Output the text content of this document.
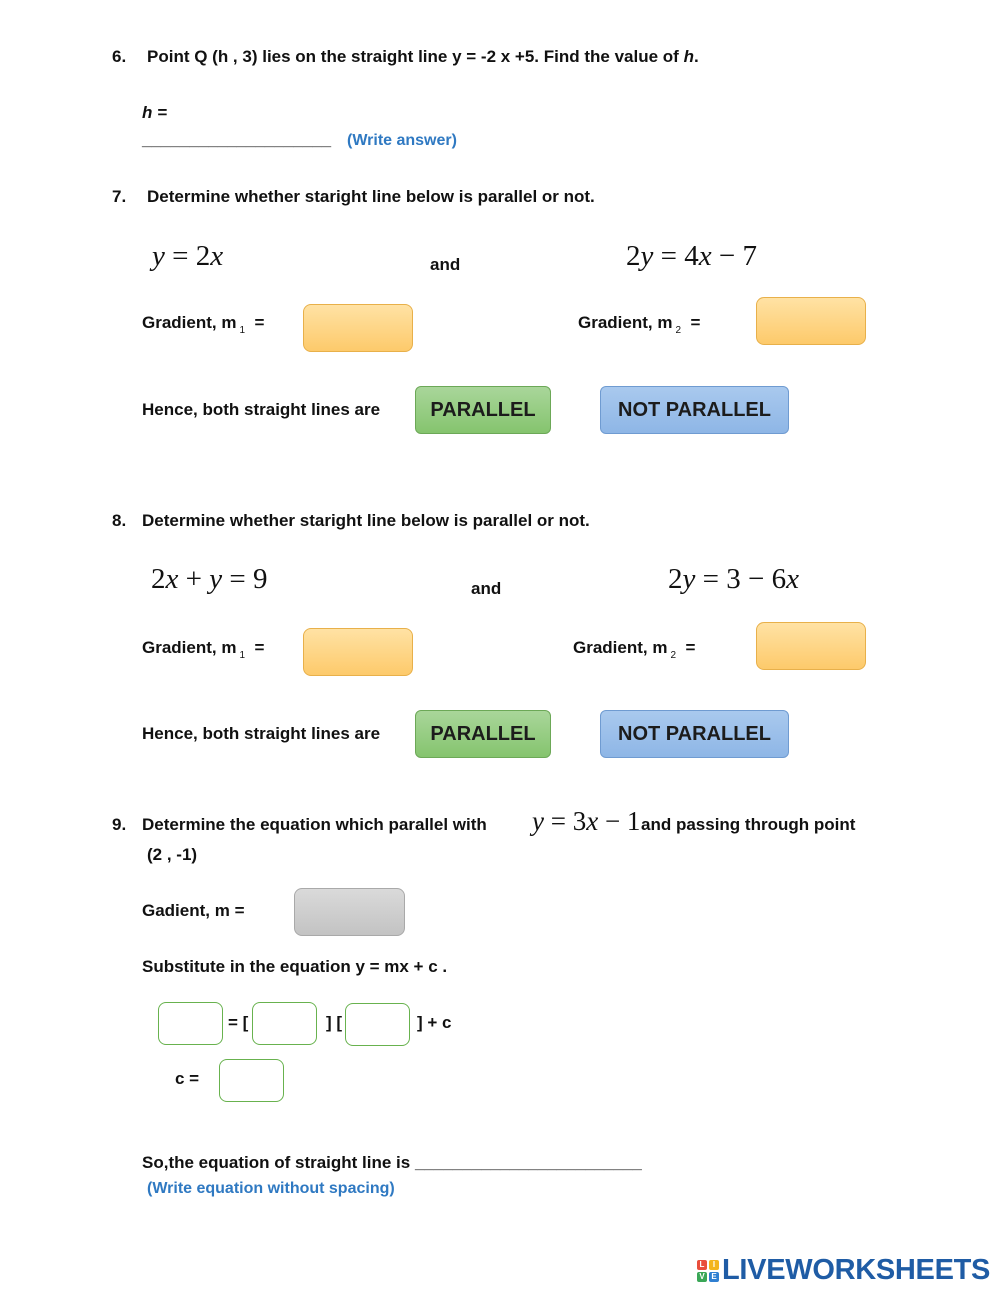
6. Point Q (h , 3) lies on the straight line y = -2 x +5. Find the value of h.
h =
____________________ (Write answer)
7. Determine whether staright line below is parallel or not.
y = 2x	and	2y = 4x − 7
Gradient, m $_1$ =	Gradient, m $_2$ =
Hence, both straight lines are	PARALLEL	NOT PARALLEL
8. Determine whether staright line below is parallel or not.
2x + y = 9	and	2y = 3 − 6x
Gradient, m $_1$ =	Gradient, m $_2$ =
Hence, both straight lines are	PARALLEL	NOT PARALLEL
9. Determine the equation which parallel with y = 3x − 1 and passing through point
(2 , -1)
Gadient, m =
Substitute in the equation y = mx + c .
= [	] [	] + c
c =
So,the equation of straight line is ________________________
(Write equation without spacing)
L	I
V E LIVEWORKSHEETS
